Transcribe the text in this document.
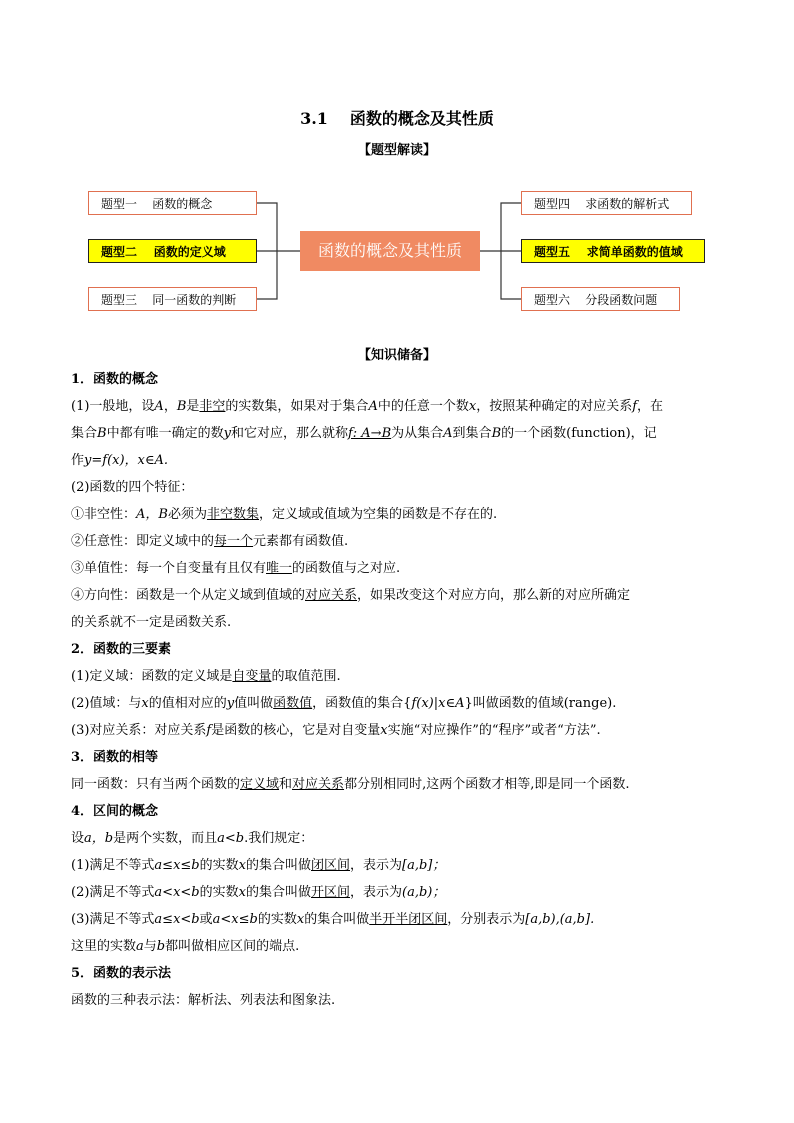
3.1 函数的概念及其性质
【题型解读】
题型一    函数的概念
题型二    函数的定义域
题型三    同一函数的判断
函数的概念及其性质
题型四    求函数的解析式
题型五    求简单函数的值域
题型六    分段函数问题
【知识储备】

1．函数的概念

(1)一般地，设A，B是非空的实数集，如果对于集合A中的任意一个数x，按照某种确定的对应关系f，在

集合B中都有唯一确定的数y和它对应，那么就称f: A→B为从集合A到集合B的一个函数(function)，记

作y=f(x)，x∈A.

(2)函数的四个特征：

①非空性：A，B必须为非空数集，定义域或值域为空集的函数是不存在的.

②任意性：即定义域中的每一个元素都有函数值.

③单值性：每一个自变量有且仅有唯一的函数值与之对应.

④方向性：函数是一个从定义域到值域的对应关系，如果改变这个对应方向，那么新的对应所确定

的关系就不一定是函数关系.

2．函数的三要素

(1)定义域：函数的定义域是自变量的取值范围.

(2)值域：与x的值相对应的y值叫做函数值，函数值的集合{f(x)|x∈A}叫做函数的值域(range).

(3)对应关系：对应关系f是函数的核心，它是对自变量x实施“对应操作”的“程序”或者“方法”.

3．函数的相等

同一函数：只有当两个函数的定义域和对应关系都分别相同时,这两个函数才相等,即是同一个函数.

4．区间的概念

设a，b是两个实数，而且a<b.我们规定：

(1)满足不等式a≤x≤b的实数x的集合叫做闭区间，表示为[a,b]；

(2)满足不等式a<x<b的实数x的集合叫做开区间，表示为(a,b)；

(3)满足不等式a≤x<b或a<x≤b的实数x的集合叫做半开半闭区间，分别表示为[a,b),(a,b].

这里的实数a与b都叫做相应区间的端点.

5．函数的表示法

函数的三种表示法：解析法、列表法和图象法.
